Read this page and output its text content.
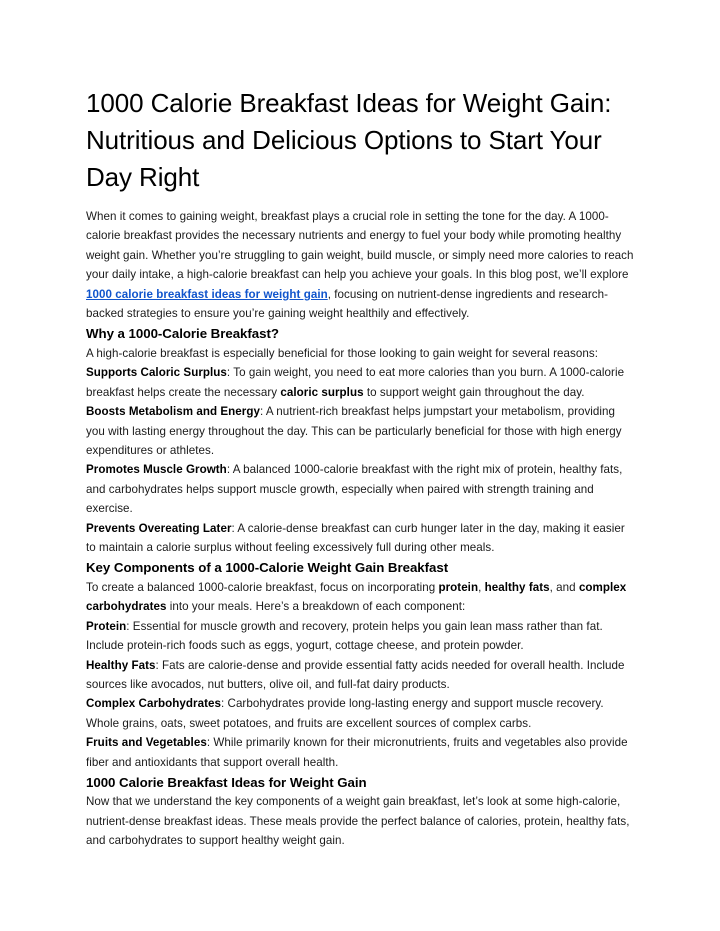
1000 Calorie Breakfast Ideas for Weight Gain: Nutritious and Delicious Options to Start Your Day Right

When it comes to gaining weight, breakfast plays a crucial role in setting the tone for the day. A 1000-calorie breakfast provides the necessary nutrients and energy to fuel your body while promoting healthy weight gain. Whether you’re struggling to gain weight, build muscle, or simply need more calories to reach your daily intake, a high-calorie breakfast can help you achieve your goals. In this blog post, we’ll explore 1000 calorie breakfast ideas for weight gain, focusing on nutrient-dense ingredients and research-backed strategies to ensure you’re gaining weight healthily and effectively.

Why a 1000-Calorie Breakfast?

A high-calorie breakfast is especially beneficial for those looking to gain weight for several reasons:

Supports Caloric Surplus: To gain weight, you need to eat more calories than you burn. A 1000-calorie breakfast helps create the necessary caloric surplus to support weight gain throughout the day.

Boosts Metabolism and Energy: A nutrient-rich breakfast helps jumpstart your metabolism, providing you with lasting energy throughout the day. This can be particularly beneficial for those with high energy expenditures or athletes.

Promotes Muscle Growth: A balanced 1000-calorie breakfast with the right mix of protein, healthy fats, and carbohydrates helps support muscle growth, especially when paired with strength training and exercise.

Prevents Overeating Later: A calorie-dense breakfast can curb hunger later in the day, making it easier to maintain a calorie surplus without feeling excessively full during other meals.

Key Components of a 1000-Calorie Weight Gain Breakfast

To create a balanced 1000-calorie breakfast, focus on incorporating protein, healthy fats, and complex carbohydrates into your meals. Here’s a breakdown of each component:

Protein: Essential for muscle growth and recovery, protein helps you gain lean mass rather than fat. Include protein-rich foods such as eggs, yogurt, cottage cheese, and protein powder.

Healthy Fats: Fats are calorie-dense and provide essential fatty acids needed for overall health. Include sources like avocados, nut butters, olive oil, and full-fat dairy products.

Complex Carbohydrates: Carbohydrates provide long-lasting energy and support muscle recovery. Whole grains, oats, sweet potatoes, and fruits are excellent sources of complex carbs.

Fruits and Vegetables: While primarily known for their micronutrients, fruits and vegetables also provide fiber and antioxidants that support overall health.

1000 Calorie Breakfast Ideas for Weight Gain

Now that we understand the key components of a weight gain breakfast, let’s look at some high-calorie, nutrient-dense breakfast ideas. These meals provide the perfect balance of calories, protein, healthy fats, and carbohydrates to support healthy weight gain.
